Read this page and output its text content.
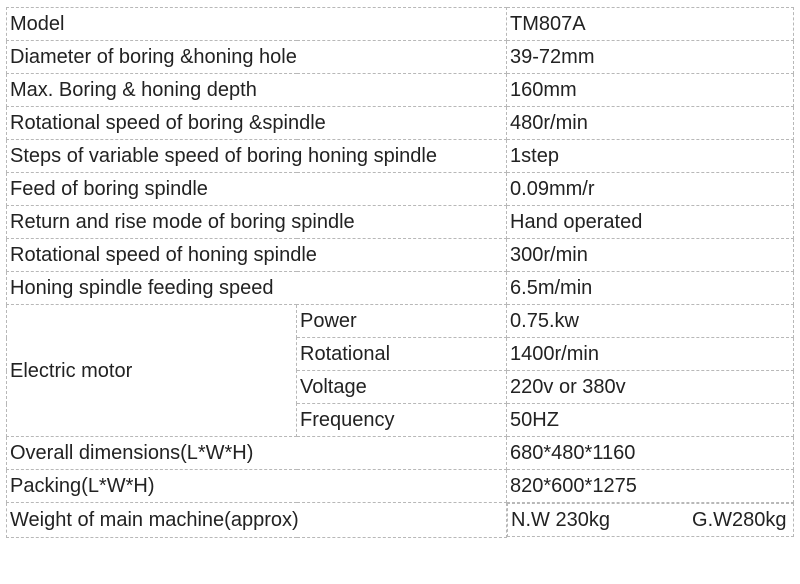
Model		TM807A
Diameter of boring &honing hole		39-72mm
Max. Boring & honing depth		160mm
Rotational speed of boring &spindle		480r/min
Steps of variable speed of boring honing spindle		1step
Feed of boring spindle		0.09mm/r
Return and rise mode of boring spindle		Hand operated
Rotational speed of honing spindle		300r/min
Honing spindle feeding speed		6.5m/min
Electric motor	Power	0.75.kw
	Rotational	1400r/min
	Voltage	220v or 380v
	Frequency	50HZ
Overall dimensions(L*W*H)		680*480*1160
Packing(L*W*H)		820*600*1275
Weight of main machine(approx)		N.W 230kg	G.W280kg
